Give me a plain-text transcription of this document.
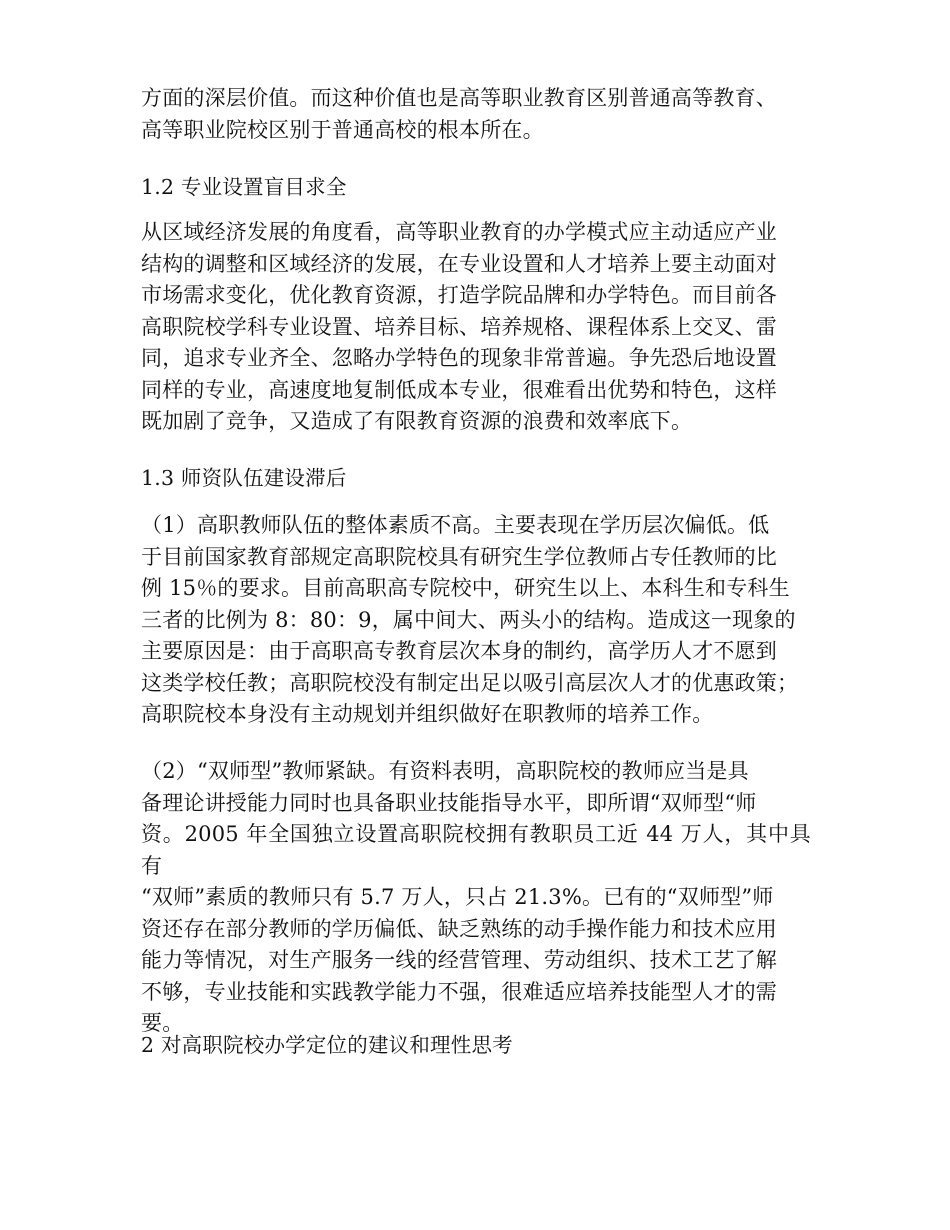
方面的深层价值。而这种价值也是高等职业教育区别普通高等教育、
高等职业院校区别于普通高校的根本所在。

1.2 专业设置盲目求全

从区域经济发展的角度看，高等职业教育的办学模式应主动适应产业
结构的调整和区域经济的发展，在专业设置和人才培养上要主动面对
市场需求变化，优化教育资源，打造学院品牌和办学特色。而目前各
高职院校学科专业设置、培养目标、培养规格、课程体系上交叉、雷
同，追求专业齐全、忽略办学特色的现象非常普遍。争先恐后地设置
同样的专业，高速度地复制低成本专业，很难看出优势和特色，这样
既加剧了竞争，又造成了有限教育资源的浪费和效率底下。

1.3 师资队伍建设滞后

（1）高职教师队伍的整体素质不高。主要表现在学历层次偏低。低
于目前国家教育部规定高职院校具有研究生学位教师占专任教师的比
例 15％的要求。目前高职高专院校中，研究生以上、本科生和专科生
三者的比例为 8：80：9，属中间大、两头小的结构。造成这一现象的
主要原因是：由于高职高专教育层次本身的制约，高学历人才不愿到
这类学校任教；高职院校没有制定出足以吸引高层次人才的优惠政策；
高职院校本身没有主动规划并组织做好在职教师的培养工作。

（2）“双师型”教师紧缺。有资料表明，高职院校的教师应当是具
备理论讲授能力同时也具备职业技能指导水平，即所谓“双师型“师
资。2005 年全国独立设置高职院校拥有教职员工近 44 万人，其中具有
“双师”素质的教师只有 5.7 万人，只占 21.3%。已有的“双师型”师
资还存在部分教师的学历偏低、缺乏熟练的动手操作能力和技术应用
能力等情况，对生产服务一线的经营管理、劳动组织、技术工艺了解
不够，专业技能和实践教学能力不强，很难适应培养技能型人才的需
要。

2 对高职院校办学定位的建议和理性思考
